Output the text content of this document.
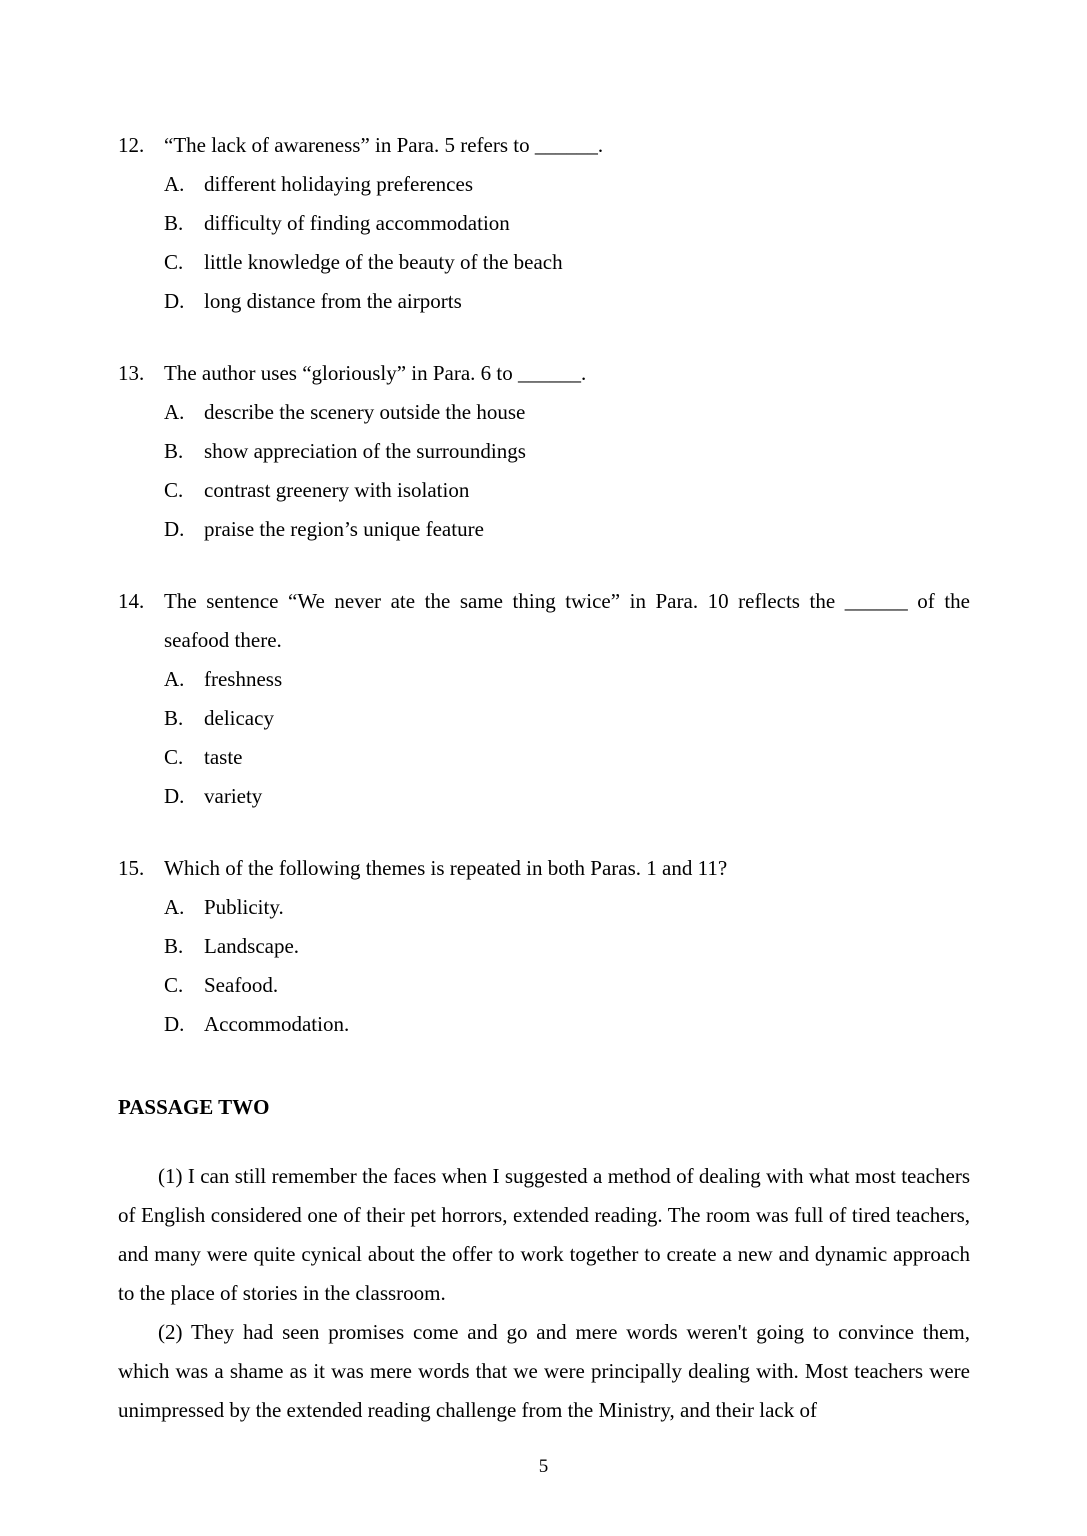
12. “The lack of awareness” in Para. 5 refers to ______.
A. different holidaying preferences
B. difficulty of finding accommodation
C. little knowledge of the beauty of the beach
D. long distance from the airports
13. The author uses “gloriously” in Para. 6 to ______.
A. describe the scenery outside the house
B. show appreciation of the surroundings
C. contrast greenery with isolation
D. praise the region’s unique feature
14. The sentence “We never ate the same thing twice” in Para. 10 reflects the ______ of the seafood there.
A. freshness
B. delicacy
C. taste
D. variety
15. Which of the following themes is repeated in both Paras. 1 and 11?
A. Publicity.
B. Landscape.
C. Seafood.
D. Accommodation.
PASSAGE TWO

(1) I can still remember the faces when I suggested a method of dealing with what most teachers of English considered one of their pet horrors, extended reading. The room was full of tired teachers, and many were quite cynical about the offer to work together to create a new and dynamic approach to the place of stories in the classroom.

(2) They had seen promises come and go and mere words weren't going to convince them, which was a shame as it was mere words that we were principally dealing with. Most teachers were unimpressed by the extended reading challenge from the Ministry, and their lack of

5
